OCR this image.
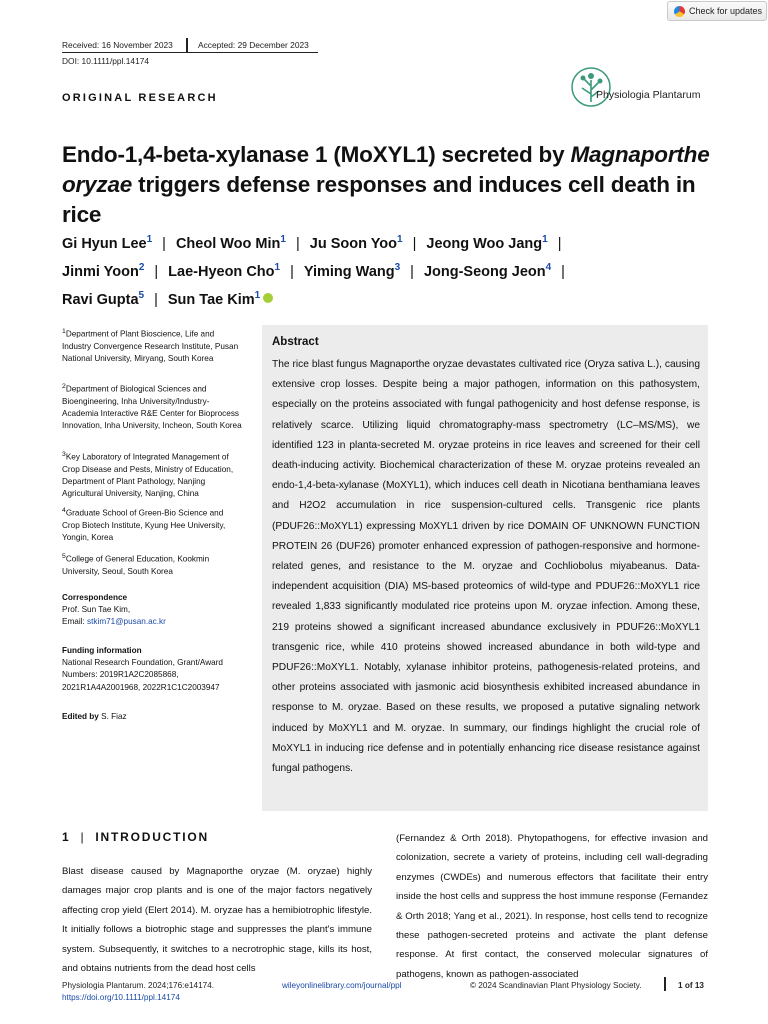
Check for updates
Received: 16 November 2023	Accepted: 29 December 2023
DOI: 10.1111/ppl.14174
ORIGINAL RESEARCH	Physiologia Plantarum
Endo-1,4-beta-xylanase 1 (MoXYL1) secreted by Magnaporthe oryzae triggers defense responses and induces cell death in rice
Gi Hyun Lee$^1$ | Cheol Woo Min$^1$ | Ju Soon Yoo$^1$ | Jeong Woo Jang$^1$ |
Jinmi Yoon$^2$ | Lae-Hyeon Cho$^1$ | Yiming Wang$^3$ | Jong-Seong Jeon$^4$ |
Ravi Gupta$^5$ | Sun Tae Kim$^1$
$^1$Department of Plant Bioscience, Life and Industry Convergence Research Institute, Pusan National University, Miryang, South Korea
$^2$Department of Biological Sciences and Bioengineering, Inha University/Industry-Academia Interactive R&E Center for Bioprocess Innovation, Inha University, Incheon, South Korea
$^3$Key Laboratory of Integrated Management of Crop Disease and Pests, Ministry of Education, Department of Plant Pathology, Nanjing Agricultural University, Nanjing, China
$^4$Graduate School of Green-Bio Science and Crop Biotech Institute, Kyung Hee University, Yongin, Korea
$^5$College of General Education, Kookmin University, Seoul, South Korea
Correspondence
Prof. Sun Tae Kim,
Email: stkim71@pusan.ac.kr
Funding information
National Research Foundation, Grant/Award Numbers: 2019R1A2C2085868, 2021R1A4A2001968, 2022R1C1C2003947
Edited by S. Fiaz
Abstract
The rice blast fungus Magnaporthe oryzae devastates cultivated rice (Oryza sativa L.), causing extensive crop losses. Despite being a major pathogen, information on this pathosystem, especially on the proteins associated with fungal pathogenicity and host defense response, is relatively scarce. Utilizing liquid chromatography-mass spectrometry (LC–MS/MS), we identified 123 in planta-secreted M. oryzae proteins in rice leaves and screened for their cell death-inducing activity. Biochemical characterization of these M. oryzae proteins revealed an endo-1,4-beta-xylanase (MoXYL1), which induces cell death in Nicotiana benthamiana leaves and H2O2 accumulation in rice suspension-cultured cells. Transgenic rice plants (PDUF26::MoXYL1) expressing MoXYL1 driven by rice DOMAIN OF UNKNOWN FUNCTION PROTEIN 26 (DUF26) promoter enhanced expression of pathogen-responsive and hormone-related genes, and resistance to the M. oryzae and Cochliobolus miyabeanus. Data-independent acquisition (DIA) MS-based proteomics of wild-type and PDUF26::MoXYL1 rice revealed 1,833 significantly modulated rice proteins upon M. oryzae infection. Among these, 219 proteins showed a significant increased abundance exclusively in PDUF26::MoXYL1 transgenic rice, while 410 proteins showed increased abundance in both wild-type and PDUF26::MoXYL1. Notably, xylanase inhibitor proteins, pathogenesis-related proteins, and other proteins associated with jasmonic acid biosynthesis exhibited increased abundance in response to M. oryzae. Based on these results, we proposed a putative signaling network induced by MoXYL1 and M. oryzae. In summary, our findings highlight the crucial role of MoXYL1 in inducing rice defense and in potentially enhancing rice disease resistance against fungal pathogens.
1 | INTRODUCTION
Blast disease caused by Magnaporthe oryzae (M. oryzae) highly damages major crop plants and is one of the major factors negatively affecting crop yield (Elert 2014). M. oryzae has a hemibiotrophic lifestyle. It initially follows a biotrophic stage and suppresses the plant's immune system. Subsequently, it switches to a necrotrophic stage, kills its host, and obtains nutrients from the dead host cells
(Fernandez & Orth 2018). Phytopathogens, for effective invasion and colonization, secrete a variety of proteins, including cell wall-degrading enzymes (CWDEs) and numerous effectors that facilitate their entry inside the host cells and suppress the host immune response (Fernandez & Orth 2018; Yang et al., 2021). In response, host cells tend to recognize these pathogen-secreted proteins and activate the plant defense response. At first contact, the conserved molecular signatures of pathogens, known as pathogen-associated
Physiologia Plantarum. 2024;176:e14174.
https://doi.org/10.1111/ppl.14174
wileyonlinelibrary.com/journal/ppl	© 2024 Scandinavian Plant Physiology Society.	1 of 13
